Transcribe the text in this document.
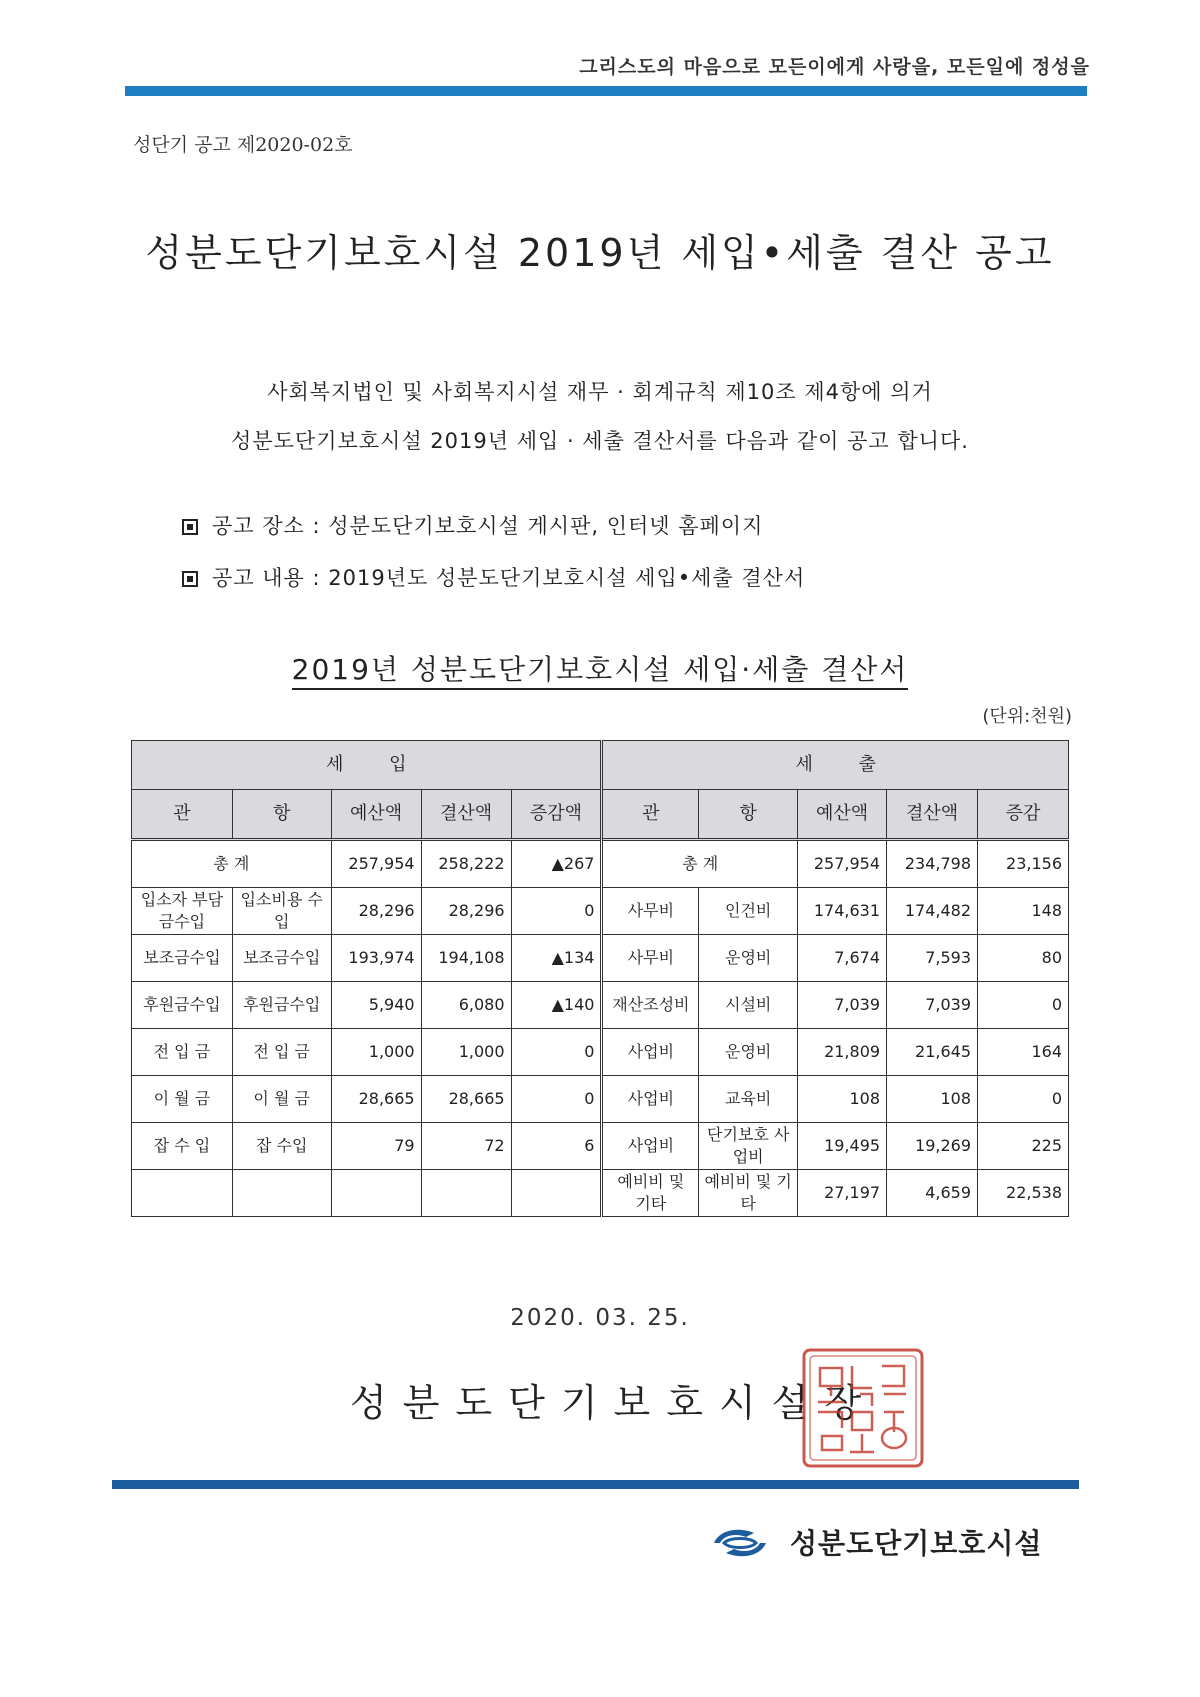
그리스도의 마음으로 모든이에게 사랑을, 모든일에 정성을
성단기 공고 제2020-02호
성분도단기보호시설 2019년 세입•세출 결산 공고
사회복지법인 및 사회복지시설 재무 · 회계규칙 제10조 제4항에 의거
성분도단기보호시설 2019년 세입 · 세출 결산서를 다음과 같이 공고 합니다.
공고 장소 : 성분도단기보호시설 게시판, 인터넷 홈페이지
공고 내용 : 2019년도 성분도단기보호시설 세입•세출 결산서
2019년 성분도단기보호시설 세입·세출 결산서
(단위:천원)
세        입					세        출				
관	항	예산액	결산액	증감액	관	항	예산액	결산액	증감
총 계		257,954	258,222	▲267	총 계		257,954	234,798	23,156
입소자 부담금수입	입소비용 수입	28,296	28,296	0	사무비	인건비	174,631	174,482	148
보조금수입	보조금수입	193,974	194,108	▲134	사무비	운영비	7,674	7,593	80
후원금수입	후원금수입	5,940	6,080	▲140	재산조성비	시설비	7,039	7,039	0
전 입 금	전 입 금	1,000	1,000	0	사업비	운영비	21,809	21,645	164
이 월 금	이 월 금	28,665	28,665	0	사업비	교육비	108	108	0
잡 수 입	잡 수입	79	72	6	사업비	단기보호 사업비	19,495	19,269	225
					예비비 및 기타	예비비 및 기타	27,197	4,659	22,538
2020. 03. 25.
성분도단기보호시설장
성분도단기보호시설
